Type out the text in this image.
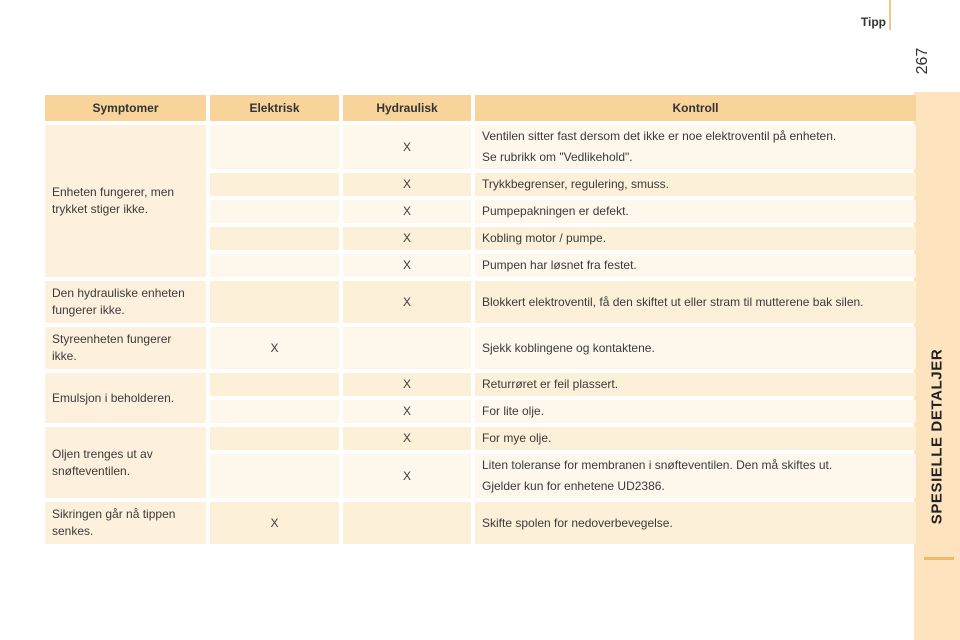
Tipp
267
SPESIELLE DETALJER
Symptomer	Elektrisk	Hydraulisk	Kontroll
Enheten fungerer, men trykket stiger ikke.		X	Ventilen sitter fast dersom det ikke er noe elektroventil på enheten.

Se rubrikk om "Vedlikehold".

		X	Trykkbegrenser, regulering, smuss.

		X	Pumpepakningen er defekt.

		X	Kobling motor / pumpe.

		X	Pumpen har løsnet fra festet.

Den hydrauliske enheten fungerer ikke.		X	Blokkert elektroventil, få den skiftet ut eller stram til mutterene bak silen.

Styreenheten fungerer ikke.	X		Sjekk koblingene og kontaktene.

Emulsjon i beholderen.		X	Returrøret er feil plassert.

		X	For lite olje.

Oljen trenges ut av snøfteventilen.		X	For mye olje.

		X	Liten toleranse for membranen i snøfteventilen. Den må skiftes ut.

Gjelder kun for enhetene UD2386.

Sikringen går nå tippen senkes.	X		Skifte spolen for nedoverbevegelse.
